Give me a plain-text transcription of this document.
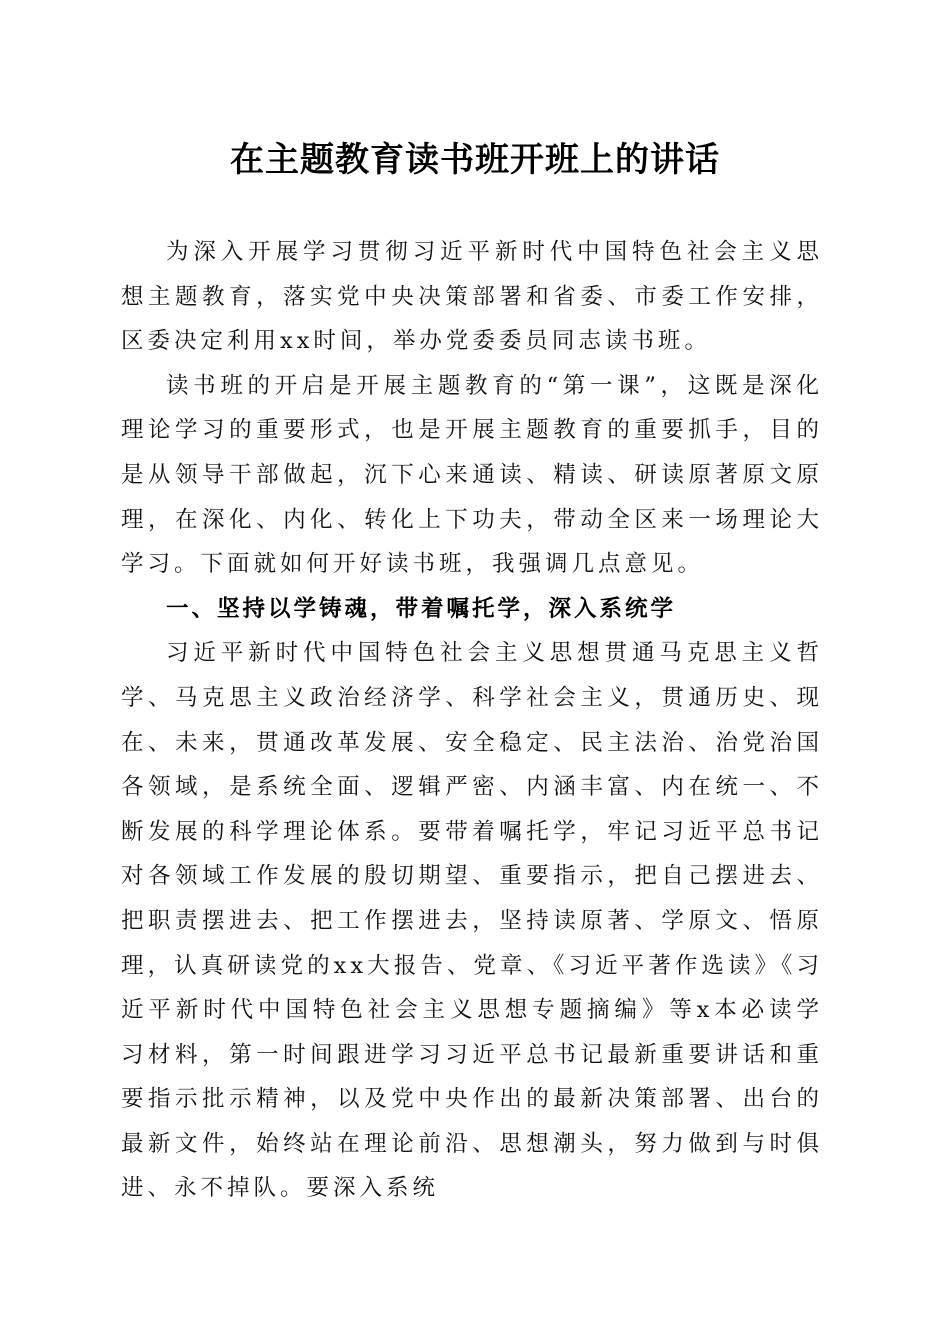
在主题教育读书班开班上的讲话

为深入开展学习贯彻习近平新时代中国特色社会主义思想主题教育，落实党中央决策部署和省委、市委工作安排，区委决定利用xx时间，举办党委委员同志读书班。

读书班的开启是开展主题教育的“第一课”，这既是深化理论学习的重要形式，也是开展主题教育的重要抓手，目的是从领导干部做起，沉下心来通读、精读、研读原著原文原理，在深化、内化、转化上下功夫，带动全区来一场理论大学习。下面就如何开好读书班，我强调几点意见。

一、坚持以学铸魂，带着嘱托学，深入系统学

习近平新时代中国特色社会主义思想贯通马克思主义哲学、马克思主义政治经济学、科学社会主义，贯通历史、现在、未来，贯通改革发展、安全稳定、民主法治、治党治国各领域，是系统全面、逻辑严密、内涵丰富、内在统一、不断发展的科学理论体系。要带着嘱托学，牢记习近平总书记对各领域工作发展的殷切期望、重要指示，把自己摆进去、把职责摆进去、把工作摆进去，坚持读原著、学原文、悟原理，认真研读党的xx大报告、党章、《习近平著作选读》《习近平新时代中国特色社会主义思想专题摘编》等x本必读学习材料，第一时间跟进学习习近平总书记最新重要讲话和重要指示批示精神，以及党中央作出的最新决策部署、出台的最新文件，始终站在理论前沿、思想潮头，努力做到与时俱进、永不掉队。要深入系统
